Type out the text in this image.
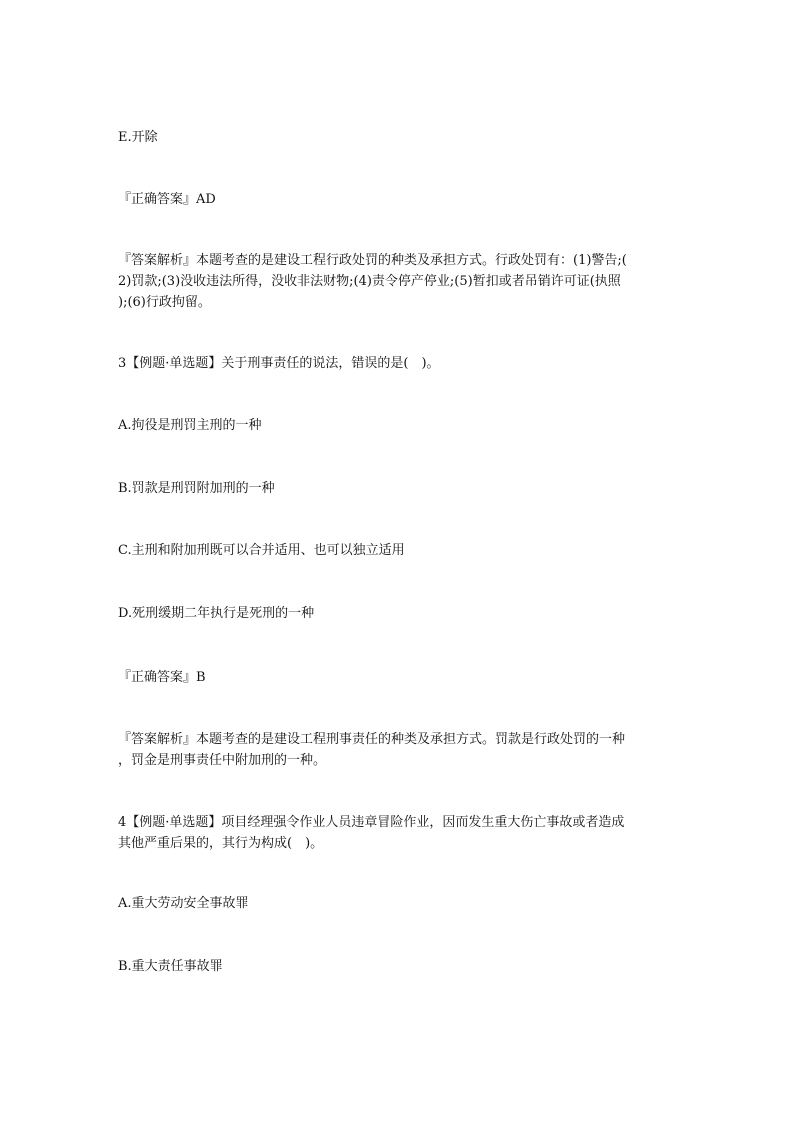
E.开除

『正确答案』AD

『答案解析』本题考查的是建设工程行政处罚的种类及承担方式。行政处罚有：(1)警告;(

2)罚款;(3)没收违法所得，没收非法财物;(4)责令停产停业;(5)暂扣或者吊销许可证(执照

);(6)行政拘留。

3【例题·单选题】关于刑事责任的说法，错误的是(　)。

A.拘役是刑罚主刑的一种

B.罚款是刑罚附加刑的一种

C.主刑和附加刑既可以合并适用、也可以独立适用

D.死刑缓期二年执行是死刑的一种

『正确答案』B

『答案解析』本题考查的是建设工程刑事责任的种类及承担方式。罚款是行政处罚的一种

，罚金是刑事责任中附加刑的一种。

4【例题·单选题】项目经理强令作业人员违章冒险作业，因而发生重大伤亡事故或者造成

其他严重后果的，其行为构成(　)。

A.重大劳动安全事故罪

B.重大责任事故罪
